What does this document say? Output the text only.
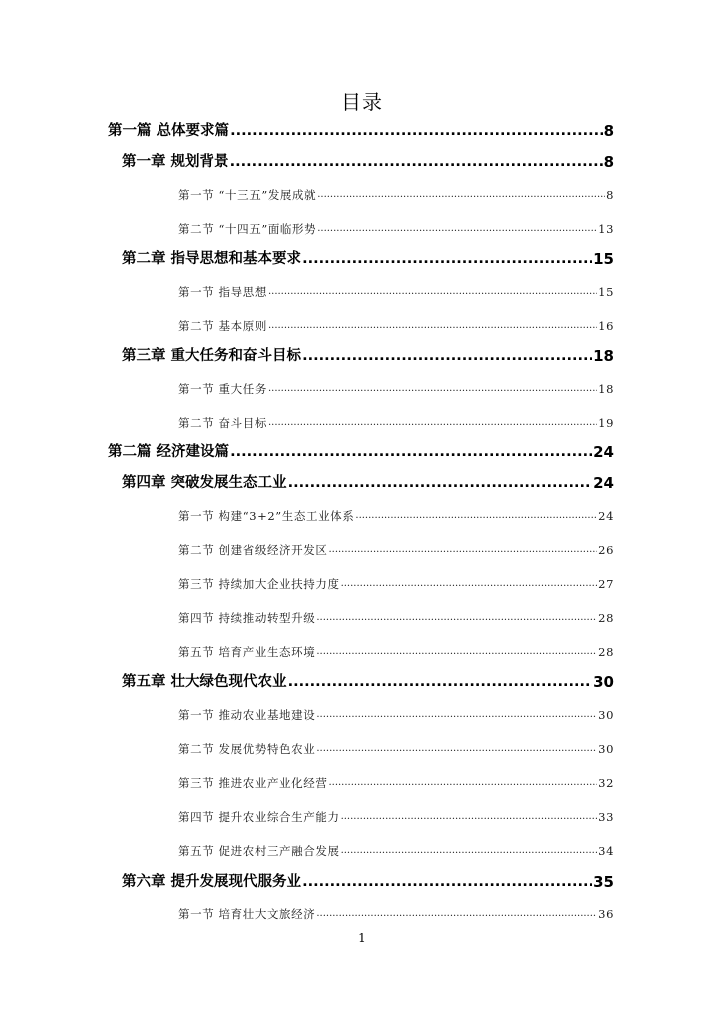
目录
第一篇 总体要求篇 .....	8
第一章 规划背景 .....	8
第一节 “十三五”发展成就 .....	8
第二节 “十四五”面临形势 .....	13
第二章 指导思想和基本要求 .....	15
第一节 指导思想 .....	15
第二节 基本原则 .....	16
第三章 重大任务和奋斗目标 .....	18
第一节 重大任务 .....	18
第二节 奋斗目标 .....	19
第二篇 经济建设篇 .....	24
第四章 突破发展生态工业 .....	24
第一节 构建“3+2”生态工业体系 .....	24
第二节 创建省级经济开发区 .....	26
第三节 持续加大企业扶持力度 .....	27
第四节 持续推动转型升级 .....	28
第五节 培育产业生态环境 .....	28
第五章 壮大绿色现代农业 .....	30
第一节 推动农业基地建设 .....	30
第二节 发展优势特色农业 .....	30
第三节 推进农业产业化经营 .....	32
第四节 提升农业综合生产能力 .....	33
第五节 促进农村三产融合发展 .....	34
第六章 提升发展现代服务业 .....	35
第一节 培育壮大文旅经济 .....	36
1
